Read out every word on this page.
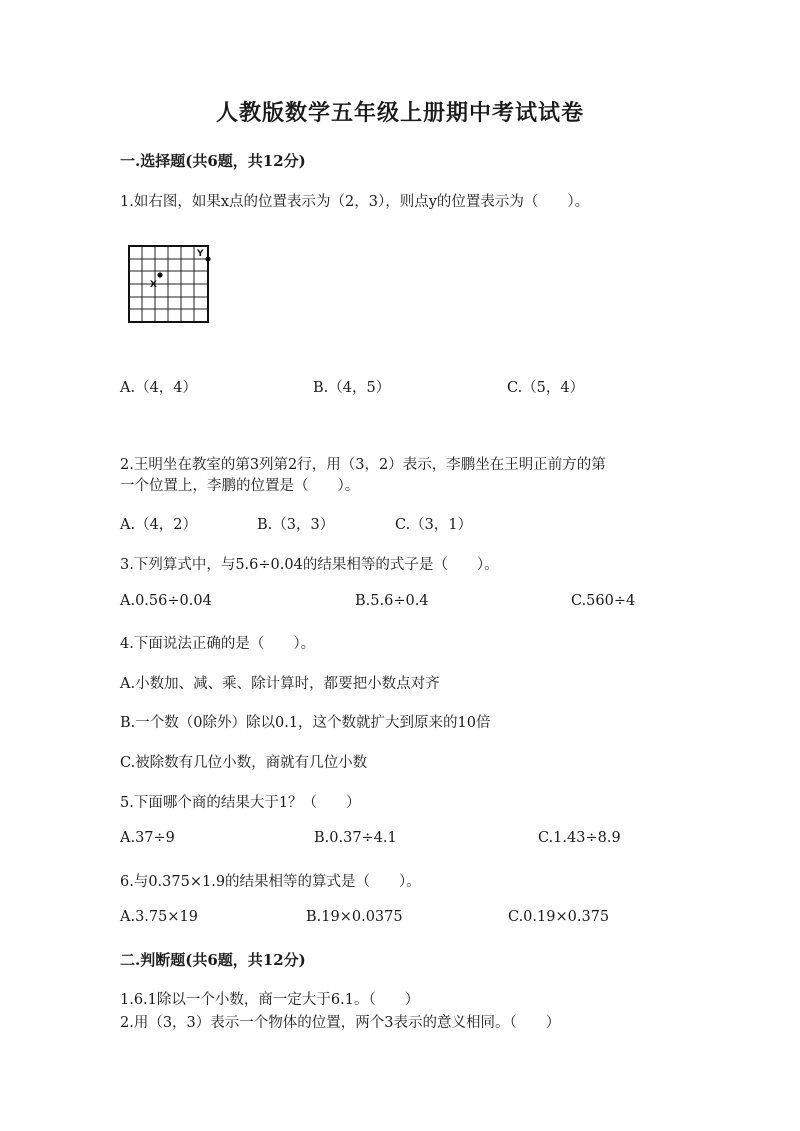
人教版数学五年级上册期中考试试卷
一.选择题(共6题，共12分)
1.如右图，如果x点的位置表示为（2，3），则点y的位置表示为（　　）。
X
Y
A.（4，4）	B.（4，5）	C.（5，4）
2.王明坐在教室的第3列第2行，用（3，2）表示，李鹏坐在王明正前方的第
一个位置上，李鹏的位置是（　　）。
A.（4，2）	B.（3，3）	C.（3，1）
3.下列算式中，与5.6÷0.04的结果相等的式子是（　　）。
A.0.56÷0.04	B.5.6÷0.4	C.560÷4
4.下面说法正确的是（　　）。
A.小数加、减、乘、除计算时，都要把小数点对齐
B.一个数（0除外）除以0.1，这个数就扩大到原来的10倍
C.被除数有几位小数，商就有几位小数
5.下面哪个商的结果大于1？（　　）
A.37÷9	B.0.37÷4.1	C.1.43÷8.9
6.与0.375×1.9的结果相等的算式是（　　）。
A.3.75×19	B.19×0.0375	C.0.19×0.375
二.判断题(共6题，共12分)
1.6.1除以一个小数，商一定大于6.1。（　　）
2.用（3，3）表示一个物体的位置，两个3表示的意义相同。（　　）
